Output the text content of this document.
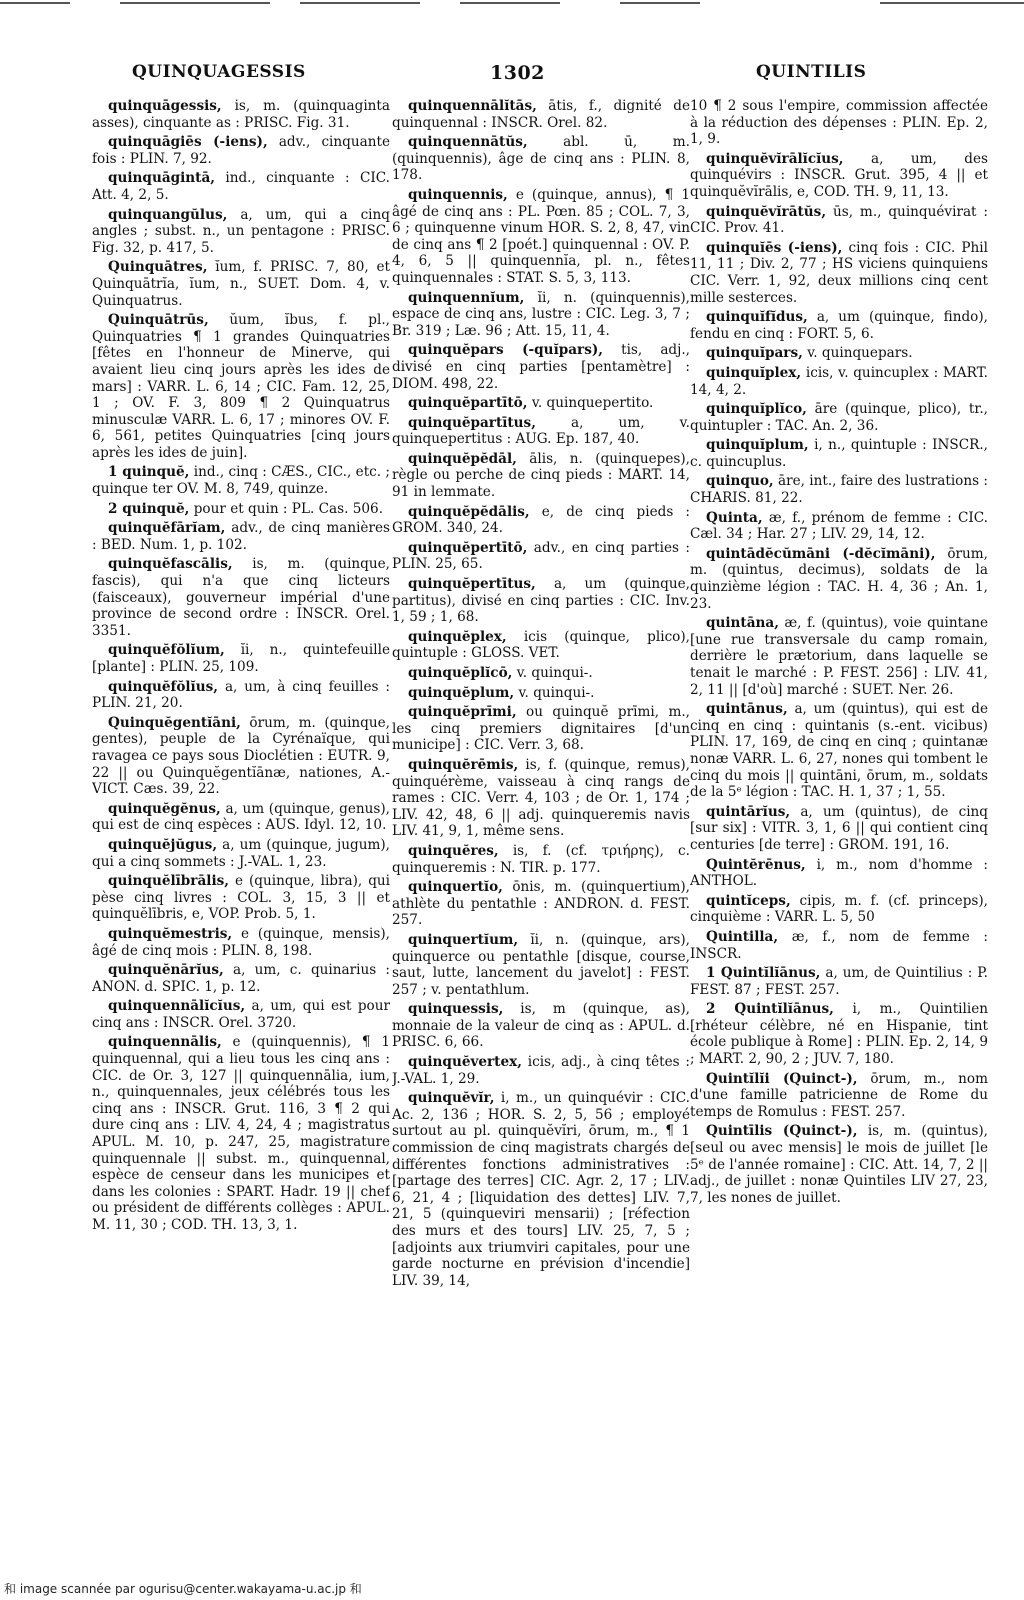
QUINQUAGESSIS	1302	QUINTILIS

quinquāgessis, is, m. (quinquaginta asses), cinquante as : PRISC. Fig. 31.

quinquāgiēs (-iens), adv., cinquante fois : PLIN. 7, 92.

quinquāgintā, ind., cinquante : CIC. Att. 4, 2, 5.

quinquangŭlus, a, um, qui a cinq angles ; subst. n., un pentagone : PRISC. Fig. 32, p. 417, 5.

Quinquātres, ĭum, f. PRISC. 7, 80, et Quinquātrĭa, ĭum, n., SUET. Dom. 4, v. Quinquatrus.

Quinquātrūs, ŭum, ĭbus, f. pl., Quinquatries ¶ 1 grandes Quinquatries [fêtes en l'honneur de Minerve, qui avaient lieu cinq jours après les ides de mars] : VARR. L. 6, 14 ; CIC. Fam. 12, 25, 1 ; OV. F. 3, 809 ¶ 2 Quinquatrus minusculæ VARR. L. 6, 17 ; minores OV. F. 6, 561, petites Quinquatries [cinq jours après les ides de juin].

1 quinquĕ, ind., cinq : CÆS., CIC., etc. ; quinque ter OV. M. 8, 749, quinze.

2 quinquĕ, pour et quin : PL. Cas. 506.

quinquĕfārĭam, adv., de cinq manières : BED. Num. 1, p. 102.

quinquĕfascālis, is, m. (quinque, fascis), qui n'a que cinq licteurs (faisceaux), gouverneur impérial d'une province de second ordre : INSCR. Orel. 3351.

quinquĕfŏlĭum, ĭi, n., quintefeuille [plante] : PLIN. 25, 109.

quinquĕfŏlĭus, a, um, à cinq feuilles : PLIN. 21, 20.

Quinquĕgentĭāni, ōrum, m. (quinque, gentes), peuple de la Cyrénaïque, qui ravagea ce pays sous Dioclétien : EUTR. 9, 22 || ou Quinquĕgentĭānæ, nationes, A.-VICT. Cæs. 39, 22.

quinquĕgĕnus, a, um (quinque, genus), qui est de cinq espèces : AUS. Idyl. 12, 10.

quinquĕjŭgus, a, um (quinque, jugum), qui a cinq sommets : J.-VAL. 1, 23.

quinquĕlībrālis, e (quinque, libra), qui pèse cinq livres : COL. 3, 15, 3 || et quinquĕlībris, e, VOP. Prob. 5, 1.

quinquĕmestris, e (quinque, mensis), âgé de cinq mois : PLIN. 8, 198.

quinquĕnārĭus, a, um, c. quinarius : ANON. d. SPIC. 1, p. 12.

quinquennālĭcĭus, a, um, qui est pour cinq ans : INSCR. Orel. 3720.

quinquennālis, e (quinquennis), ¶ 1 quinquennal, qui a lieu tous les cinq ans : CIC. de Or. 3, 127 || quinquennālia, ium, n., quinquennales, jeux célébrés tous les cinq ans : INSCR. Grut. 116, 3 ¶ 2 qui dure cinq ans : LIV. 4, 24, 4 ; magistratus APUL. M. 10, p. 247, 25, magistrature quinquennale || subst. m., quinquennal, espèce de censeur dans les municipes et dans les colonies : SPART. Hadr. 19 || chef ou président de différents collèges : APUL. M. 11, 30 ; COD. TH. 13, 3, 1.

quinquennālĭtās, ātis, f., dignité de quinquennal : INSCR. Orel. 82.

quinquennātŭs,	abl. ū, m. (quinquennis), âge de cinq ans : PLIN. 8, 178.

quinquennis, e (quinque, annus), ¶ 1 âgé de cinq ans : PL. Pœn. 85 ; COL. 7, 3, 6 ; quinquenne vinum HOR. S. 2, 8, 47, vin de cinq ans ¶ 2 [poét.] quinquennal : OV. P. 4, 6, 5 || quinquennĭa, pl. n., fêtes quinquennales : STAT. S. 5, 3, 113.

quinquennĭum, ĭi, n. (quinquennis), espace de cinq ans, lustre : CIC. Leg. 3, 7 ; Br. 319 ; Læ. 96 ; Att. 15, 11, 4.

quinquĕpars (-quĭpars), tis, adj., divisé en cinq parties [pentamètre] : DIOM. 498, 22.

quinquĕpartītō, v. quinquepertito.

quinquĕpartītus,	a, um, v. quinquepertitus : AUG. Ep. 187, 40.

quinquĕpĕdāl, ālis, n. (quinquepes), règle ou perche de cinq pieds : MART. 14, 91 in lemmate.

quinquĕpĕdālis, e, de cinq pieds : GROM. 340, 24.

quinquĕpertītō, adv., en cinq parties : PLIN. 25, 65.

quinquĕpertītus, a, um (quinque, partitus), divisé en cinq parties : CIC. Inv. 1, 59 ; 1, 68.

quinquĕplex, icis (quinque, plico), quintuple : GLOSS. VET.

quinquĕplĭcō, v. quinqui-.

quinquĕplum, v. quinqui-.

quinquĕprīmi, ou quinquĕ prīmi, m., les cinq premiers dignitaires [d'un municipe] : CIC. Verr. 3, 68.

quinquĕrēmis, is, f. (quinque, remus), quinquérème, vaisseau à cinq rangs de rames : CIC. Verr. 4, 103 ; de Or. 1, 174 ; LIV. 42, 48, 6 || adj. quinqueremis navis LIV. 41, 9, 1, même sens.

quinquĕres, is, f. (cf. τριήρης), c. quinqueremis : N. TIR. p. 177.

quinquertĭo, ōnis, m. (quinquertium), athlète du pentathle : ANDRON. d. FEST. 257.

quinquertĭum, ĭi, n. (quinque, ars), quinquerce ou pentathle [disque, course, saut, lutte, lancement du javelot] : FEST. 257 ; v. pentathlum.

quinquessis, is, m (quinque, as), monnaie de la valeur de cinq as : APUL. d. PRISC. 6, 66.

quinquĕvertex, icis, adj., à cinq têtes : J.-VAL. 1, 29.

quinquĕvĭr, i, m., un quinquévir : CIC. Ac. 2, 136 ; HOR. S. 2, 5, 56 ; employé surtout au pl. quinquĕvĭri, ōrum, m., ¶ 1 commission de cinq magistrats chargés de différentes fonctions administratives : [partage des terres] CIC. Agr. 2, 17 ; LIV. 6, 21, 4 ; [liquidation des dettes] LIV. 7, 21, 5 (quinqueviri mensarii) ; [réfection des murs et des tours] LIV. 25, 7, 5 ; [adjoints aux triumviri capitales, pour une garde nocturne en prévision d'incendie] LIV. 39, 14,

10 ¶ 2 sous l'empire, commission affectée à la réduction des dépenses : PLIN. Ep. 2, 1, 9.

quinquĕvĭrālĭcĭus, a, um, des quinquévirs : INSCR. Grut. 395, 4 || et quinquĕvĭrālis, e, COD. TH. 9, 11, 13.

quinquĕvĭrātŭs, ūs, m., quinquévirat : CIC. Prov. 41.

quinquĭēs (-iens), cinq fois : CIC. Phil 11, 11 ; Div. 2, 77 ; HS viciens quinquiens CIC. Verr. 1, 92, deux millions cinq cent mille sesterces.

quinquĭfĭdus, a, um (quinque, findo), fendu en cinq : FORT. 5, 6.

quinquĭpars, v. quinquepars.

quinquĭplex, icis, v. quincuplex : MART. 14, 4, 2.

quinquĭplĭco, āre (quinque, plico), tr., quintupler : TAC. An. 2, 36.

quinquĭplum, i, n., quintuple : INSCR., c. quincuplus.

quinquo, āre, int., faire des lustrations : CHARIS. 81, 22.

Quinta, æ, f., prénom de femme : CIC. Cæl. 34 ; Har. 27 ; LIV. 29, 14, 12.

quintādĕcŭmāni (-dĕcĭmāni), ōrum, m. (quintus, decimus), soldats de la quinzième légion : TAC. H. 4, 36 ; An. 1, 23.

quintāna, æ, f. (quintus), voie quintane [une rue transversale du camp romain, derrière le prætorium, dans laquelle se tenait le marché : P. FEST. 256] : LIV. 41, 2, 11 || [d'où] marché : SUET. Ner. 26.

quintānus, a, um (quintus), qui est de cinq en cinq : quintanis (s.-ent. vicibus) PLIN. 17, 169, de cinq en cinq ; quintanæ nonæ VARR. L. 6, 27, nones qui tombent le cinq du mois || quintāni, ōrum, m., soldats de la 5ᵉ légion : TAC. H. 1, 37 ; 1, 55.

quintārĭus, a, um (quintus), de cinq [sur six] : VITR. 3, 1, 6 || qui contient cinq centuries [de terre] : GROM. 191, 16.

Quintĕrēnus, i, m., nom d'homme : ANTHOL.

quintĭceps, cipis, m. f. (cf. princeps), cinquième : VARR. L. 5, 50

Quintilla, æ, f., nom de femme : INSCR.

1 Quintĭlĭānus, a, um, de Quintilius : P. FEST. 87 ; FEST. 257.

2 Quintĭlĭānus, i, m., Quintilien [rhéteur célèbre, né en Hispanie, tint école publique à Rome] : PLIN. Ep. 2, 14, 9 ; MART. 2, 90, 2 ; JUV. 7, 180.

Quintĭlĭi (Quinct-), ōrum, m., nom d'une famille patricienne de Rome du temps de Romulus : FEST. 257.

Quintīlis (Quinct-), is, m. (quintus), [seul ou avec mensis] le mois de juillet [le 5ᵉ de l'année romaine] : CIC. Att. 14, 7, 2 || adj., de juillet : nonæ Quintiles LIV 27, 23, 7, les nones de juillet.

和 image scannée par ogurisu@center.wakayama-u.ac.jp 和
